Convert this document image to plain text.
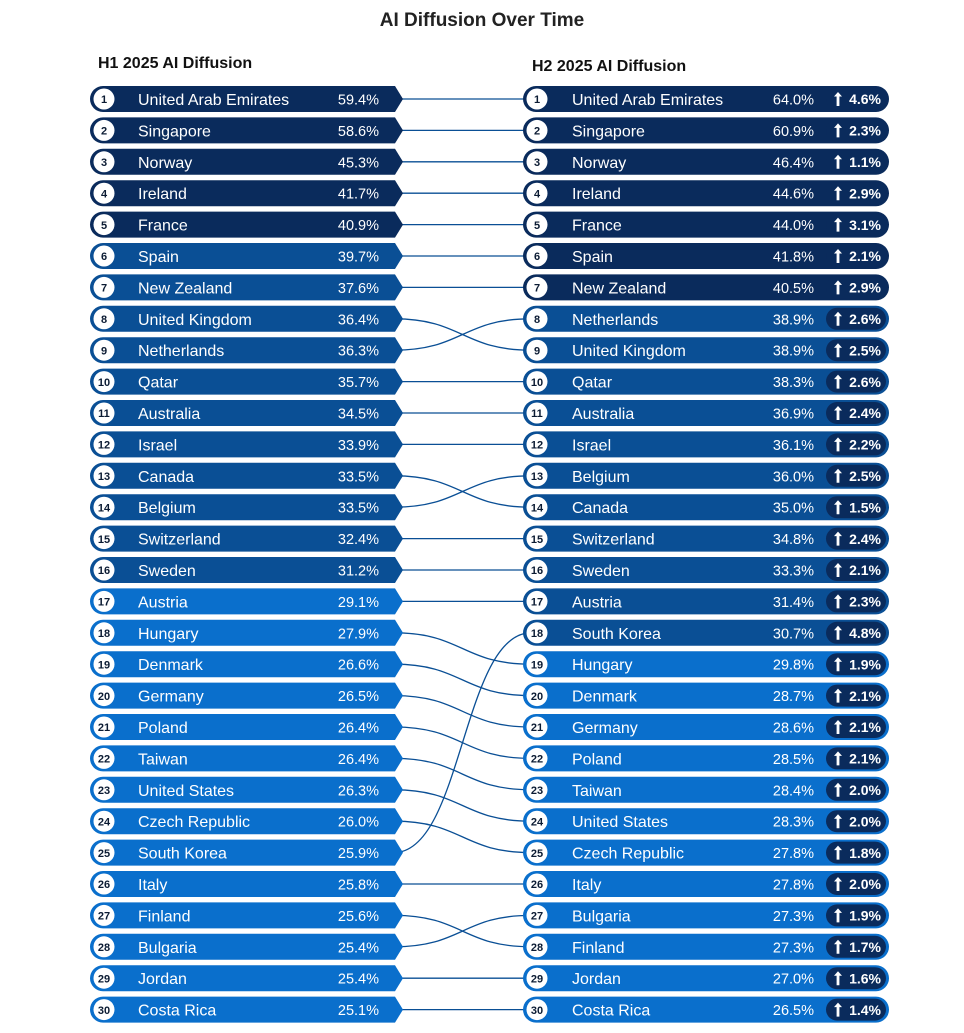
AI Diffusion Over Time
H1 2025 AI Diffusion	H2 2025 AI Diffusion
1 United Arab Emirates	59.4%
2 Singapore	58.6%
3 Norway	45.3%
4 Ireland	41.7%
5 France	40.9%
6 Spain	39.7%
7 New Zealand	37.6%
8 United Kingdom	36.4%
9 Netherlands	36.3%
10 Qatar	35.7%
11 Australia	34.5%
12 Israel	33.9%
13 Canada	33.5%
14 Belgium	33.5%
15 Switzerland	32.4%
16 Sweden	31.2%
17 Austria	29.1%
18 Hungary	27.9%
19 Denmark	26.6%
20 Germany	26.5%
21 Poland	26.4%
22 Taiwan	26.4%
23 United States	26.3%
24 Czech Republic	26.0%
25 South Korea	25.9%
26 Italy	25.8%
27 Finland	25.6%
28 Bulgaria	25.4%
29 Jordan	25.4%
30 Costa Rica	25.1%
1 United Arab Emirates	64.0%	4.6%
2 Singapore	60.9%	2.3%
3 Norway	46.4%	1.1%
4 Ireland	44.6%	2.9%
5 France	44.0%	3.1%
6 Spain	41.8%	2.1%
7 New Zealand	40.5%	2.9%
8 Netherlands	38.9%	2.6%
9 United Kingdom	38.9%	2.5%
10 Qatar	38.3%	2.6%
11 Australia	36.9%	2.4%
12 Israel	36.1%	2.2%
13 Belgium	36.0%	2.5%
14 Canada	35.0%	1.5%
15 Switzerland	34.8%	2.4%
16 Sweden	33.3%	2.1%
17 Austria	31.4%	2.3%
18 South Korea	30.7%	4.8%
19 Hungary	29.8%	1.9%
20 Denmark	28.7%	2.1%
21 Germany	28.6%	2.1%
22 Poland	28.5%	2.1%
23 Taiwan	28.4%	2.0%
24 United States	28.3%	2.0%
25 Czech Republic	27.8%	1.8%
26 Italy	27.8%	2.0%
27 Bulgaria	27.3%	1.9%
28 Finland	27.3%	1.7%
29 Jordan	27.0%	1.6%
30 Costa Rica	26.5%	1.4%
